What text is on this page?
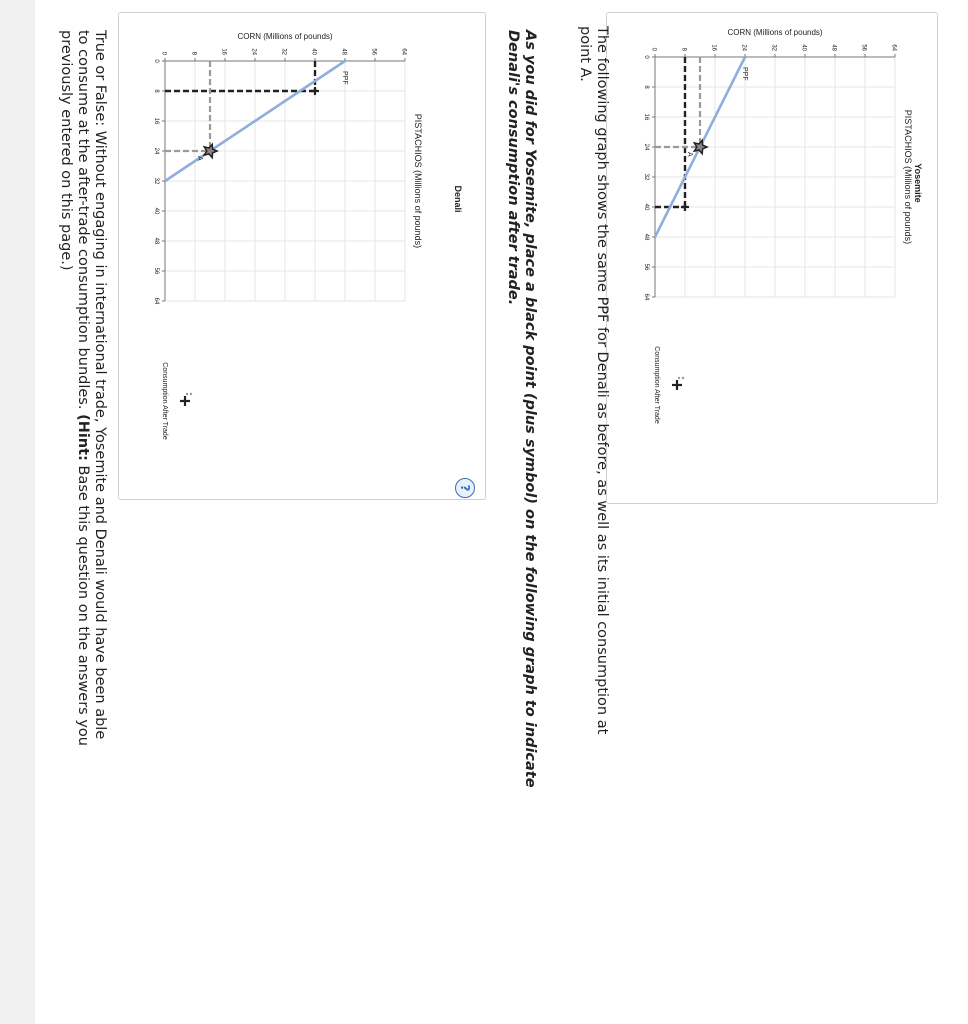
Yosemite
PISTACHIOS (Millions of pounds)
CORN (Millions of pounds)
0	8	16	24	32	40	48	56	64
0
8
16
24
32
40
48
56
64
PPF
A
Consumption After Trade
The following graph shows the same PPF for Denali as before, as well as its initial consumption at
point A.
As you did for Yosemite, place a black point (plus symbol) on the following graph to indicate
Denali's consumption after trade.
Denali
PISTACHIOS (Millions of pounds)
CORN (Millions of pounds)
0	8	16	24	32	40	48	56	64
0
8
16
24
32
40
48
56
64
PPF
A
Consumption After Trade
?
True or False: Without engaging in international trade, Yosemite and Denali would have been able
to consume at the after-trade consumption bundles. (Hint: Base this question on the answers you
previously entered on this page.)
